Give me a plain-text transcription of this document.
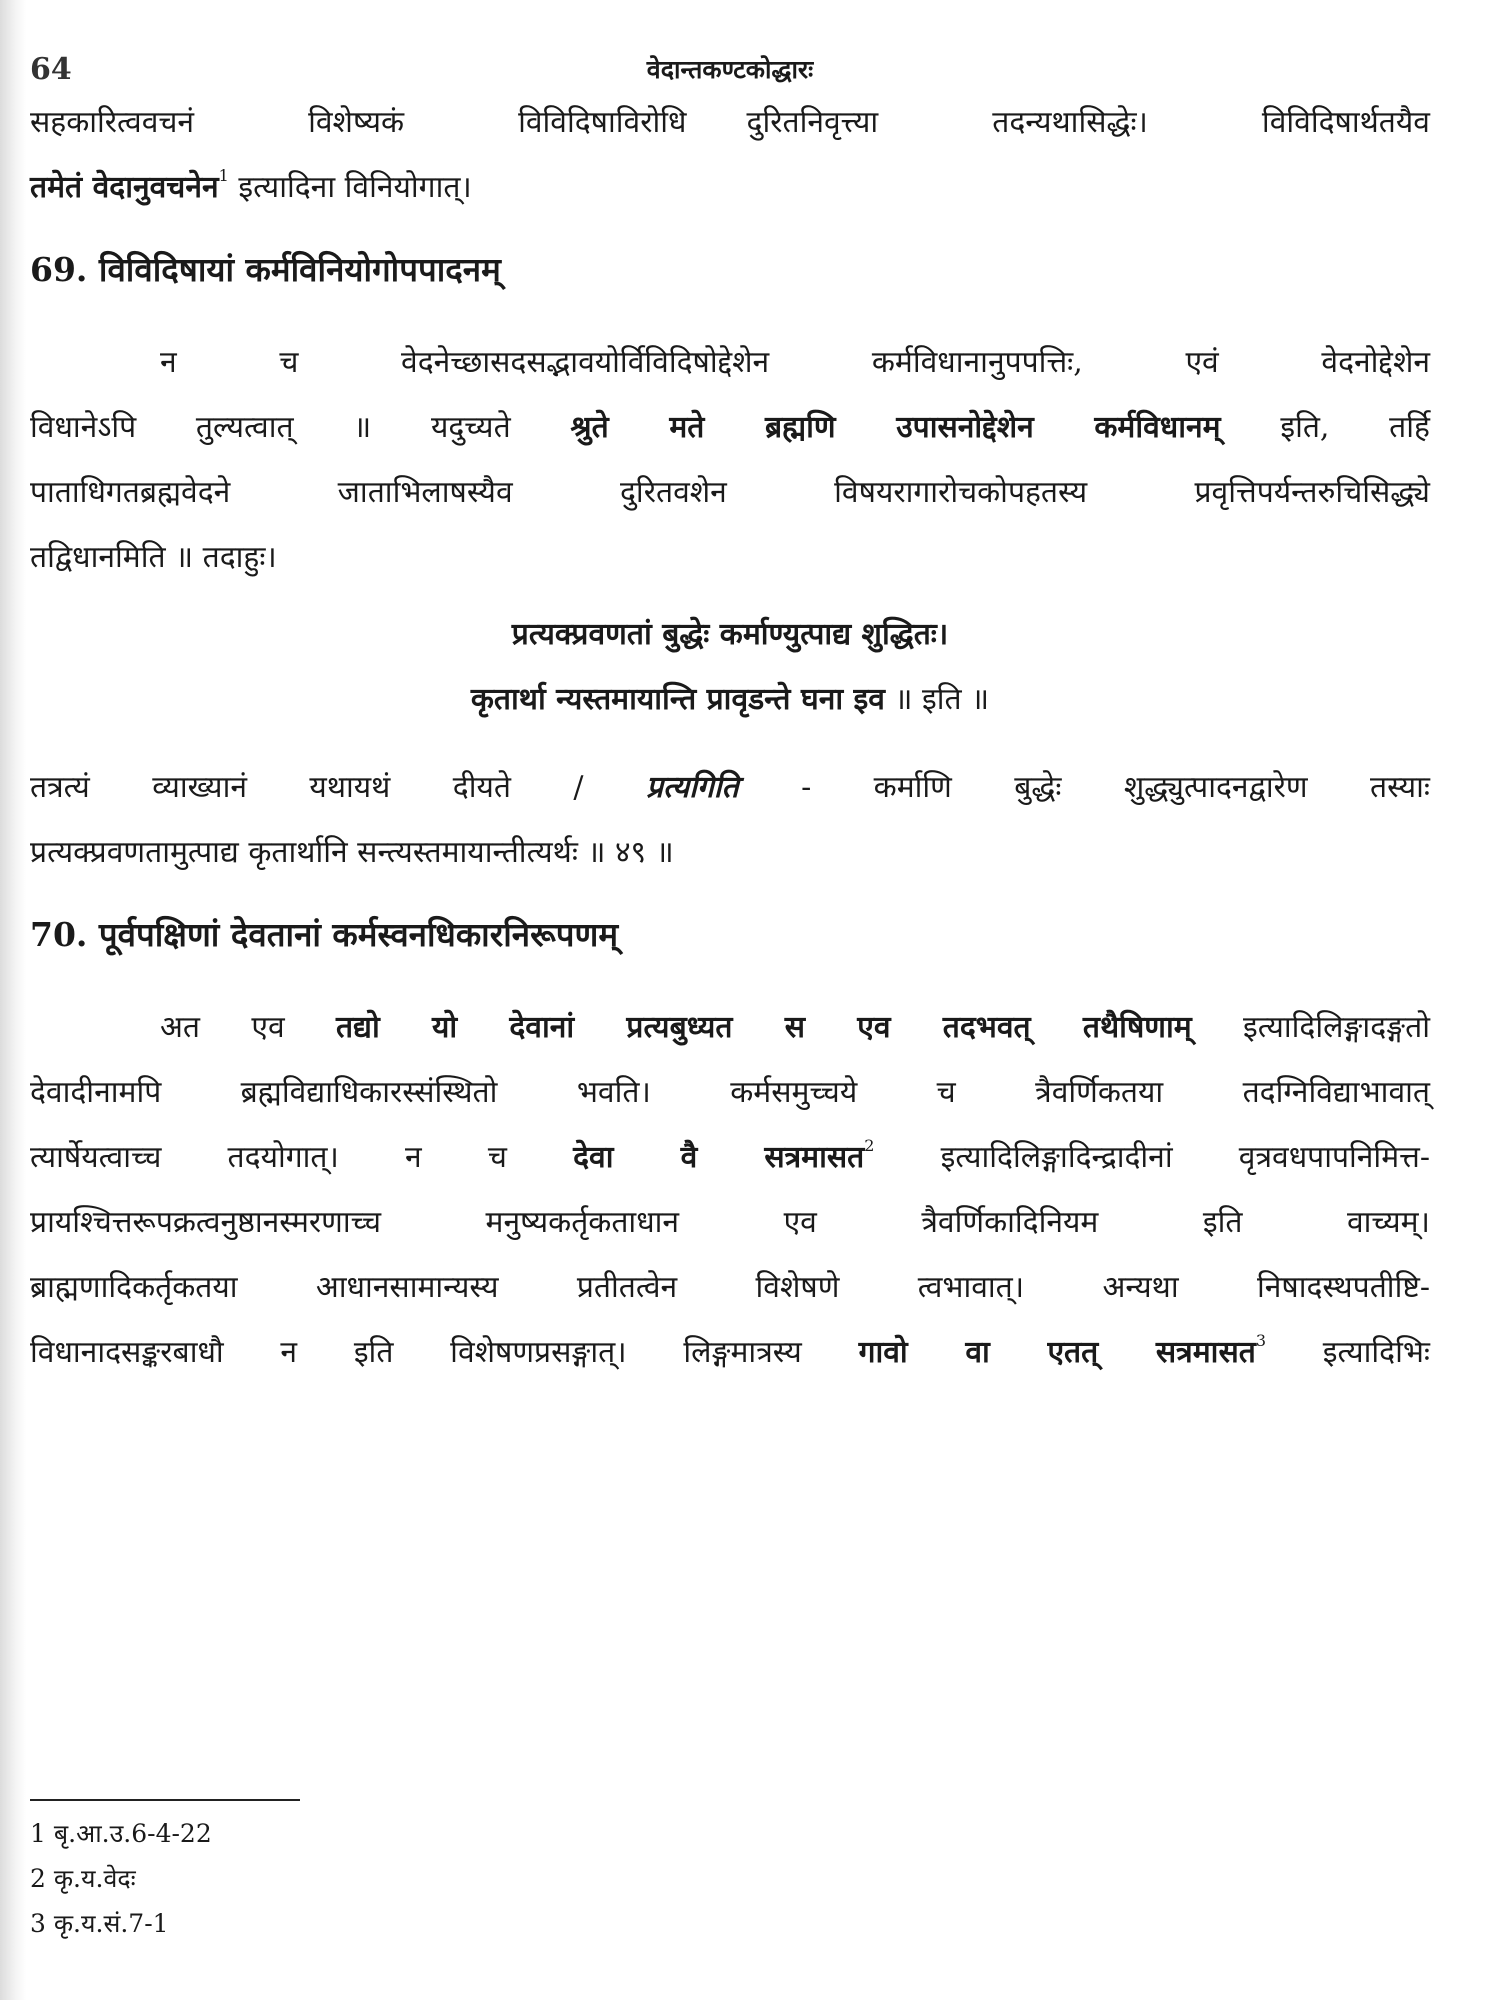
64	वेदान्तकण्टकोद्धारः
सहकारित्ववचनं विशेष्यकं विविदिषाविरोधि दुरितनिवृत्त्या तदन्यथासिद्धेः। विविदिषार्थतयैव
तमेतं वेदानुवचनेन$^1$ इत्यादिना विनियोगात्।
69. विविदिषायां कर्मविनियोगोपपादनम्
न च वेदनेच्छासदसद्भावयोर्विविदिषोद्देशेन कर्मविधानानुपपत्तिः, एवं वेदनोद्देशेन
विधानेऽपि तुल्यत्वात् ॥ यदुच्यते श्रुते मते ब्रह्मणि उपासनोद्देशेन कर्मविधानम् इति, तर्हि
पाताधिगतब्रह्मवेदने जाताभिलाषस्यैव दुरितवशेन विषयरागारोचकोपहतस्य प्रवृत्तिपर्यन्तरुचिसिद्ध्ये
तद्विधानमिति ॥ तदाहुः।
प्रत्यक्प्रवणतां बुद्धेः कर्माण्युत्पाद्य शुद्धितः।
कृतार्था न्यस्तमायान्ति प्रावृडन्ते घना इव ॥ इति ॥
तत्रत्यं व्याख्यानं यथायथं दीयते / प्रत्यगिति - कर्माणि बुद्धेः शुद्ध्युत्पादनद्वारेण तस्याः
प्रत्यक्प्रवणतामुत्पाद्य कृतार्थानि सन्त्यस्तमायान्तीत्यर्थः ॥ ४९ ॥
70. पूर्वपक्षिणां देवतानां कर्मस्वनधिकारनिरूपणम्
अत एव तद्यो यो देवानां प्रत्यबुध्यत स एव तदभवत् तथैषिणाम् इत्यादिलिङ्गादङ्गतो
देवादीनामपि ब्रह्मविद्याधिकारस्संस्थितो भवति। कर्मसमुच्चये च त्रैवर्णिकतया तदग्निविद्याभावात्
त्यार्षेयत्वाच्च तदयोगात्। न च देवा वै सत्रमासत$^2$ इत्यादिलिङ्गादिन्द्रादीनां वृत्रवधपापनिमित्त-
प्रायश्चित्तरूपक्रत्वनुष्ठानस्मरणाच्च मनुष्यकर्तृकताधान एव त्रैवर्णिकादिनियम इति वाच्यम्।
ब्राह्मणादिकर्तृकतया आधानसामान्यस्य प्रतीतत्वेन विशेषणे त्वभावात्। अन्यथा निषादस्थपतीष्टि-
विधानादसङ्करबाधौ न इति विशेषणप्रसङ्गात्। लिङ्गमात्रस्य गावो वा एतत् सत्रमासत$^3$ इत्यादिभिः
1 बृ.आ.उ.6-4-22
2 कृ.य.वेदः
3 कृ.य.सं.7-1
